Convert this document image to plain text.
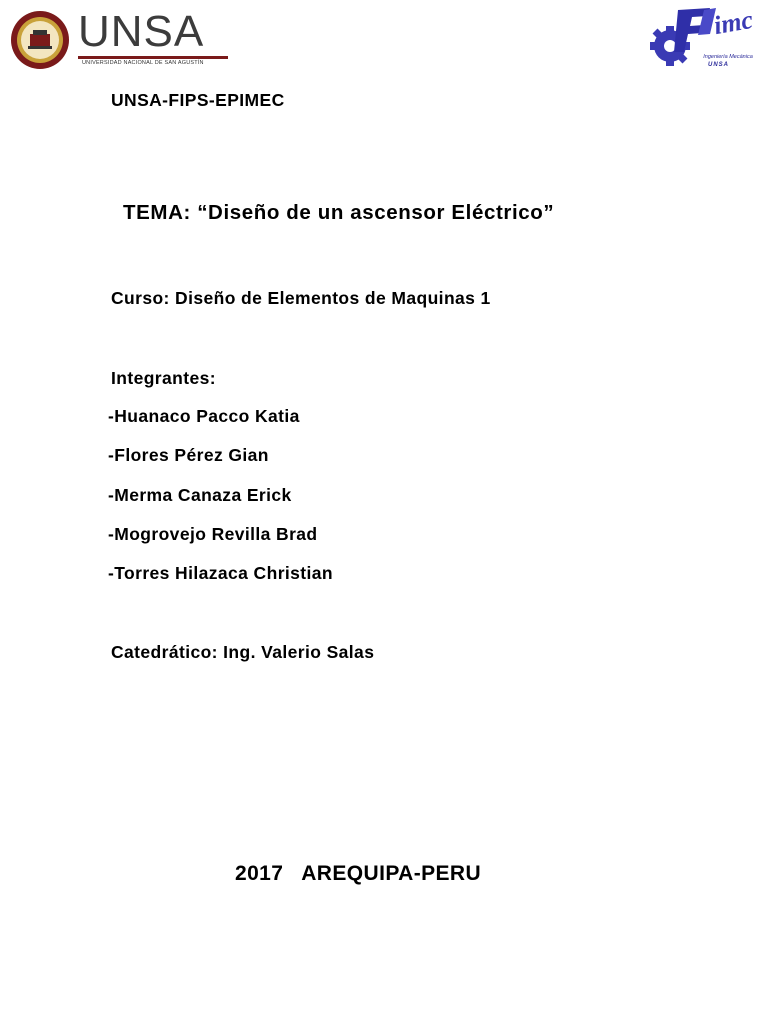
UNSA
UNIVERSIDAD NACIONAL DE SAN AGUSTÍN
imc
Ingeniería Mecánica
UNSA
UNSA-FIPS-EPIMEC
TEMA: “Diseño de un ascensor Eléctrico”
Curso: Diseño de Elementos de Maquinas 1
Integrantes:
-Huanaco Pacco Katia
-Flores Pérez Gian
-Merma Canaza Erick
-Mogrovejo Revilla Brad
-Torres Hilazaca Christian
Catedrático: Ing. Valerio Salas
2017   AREQUIPA-PERU
